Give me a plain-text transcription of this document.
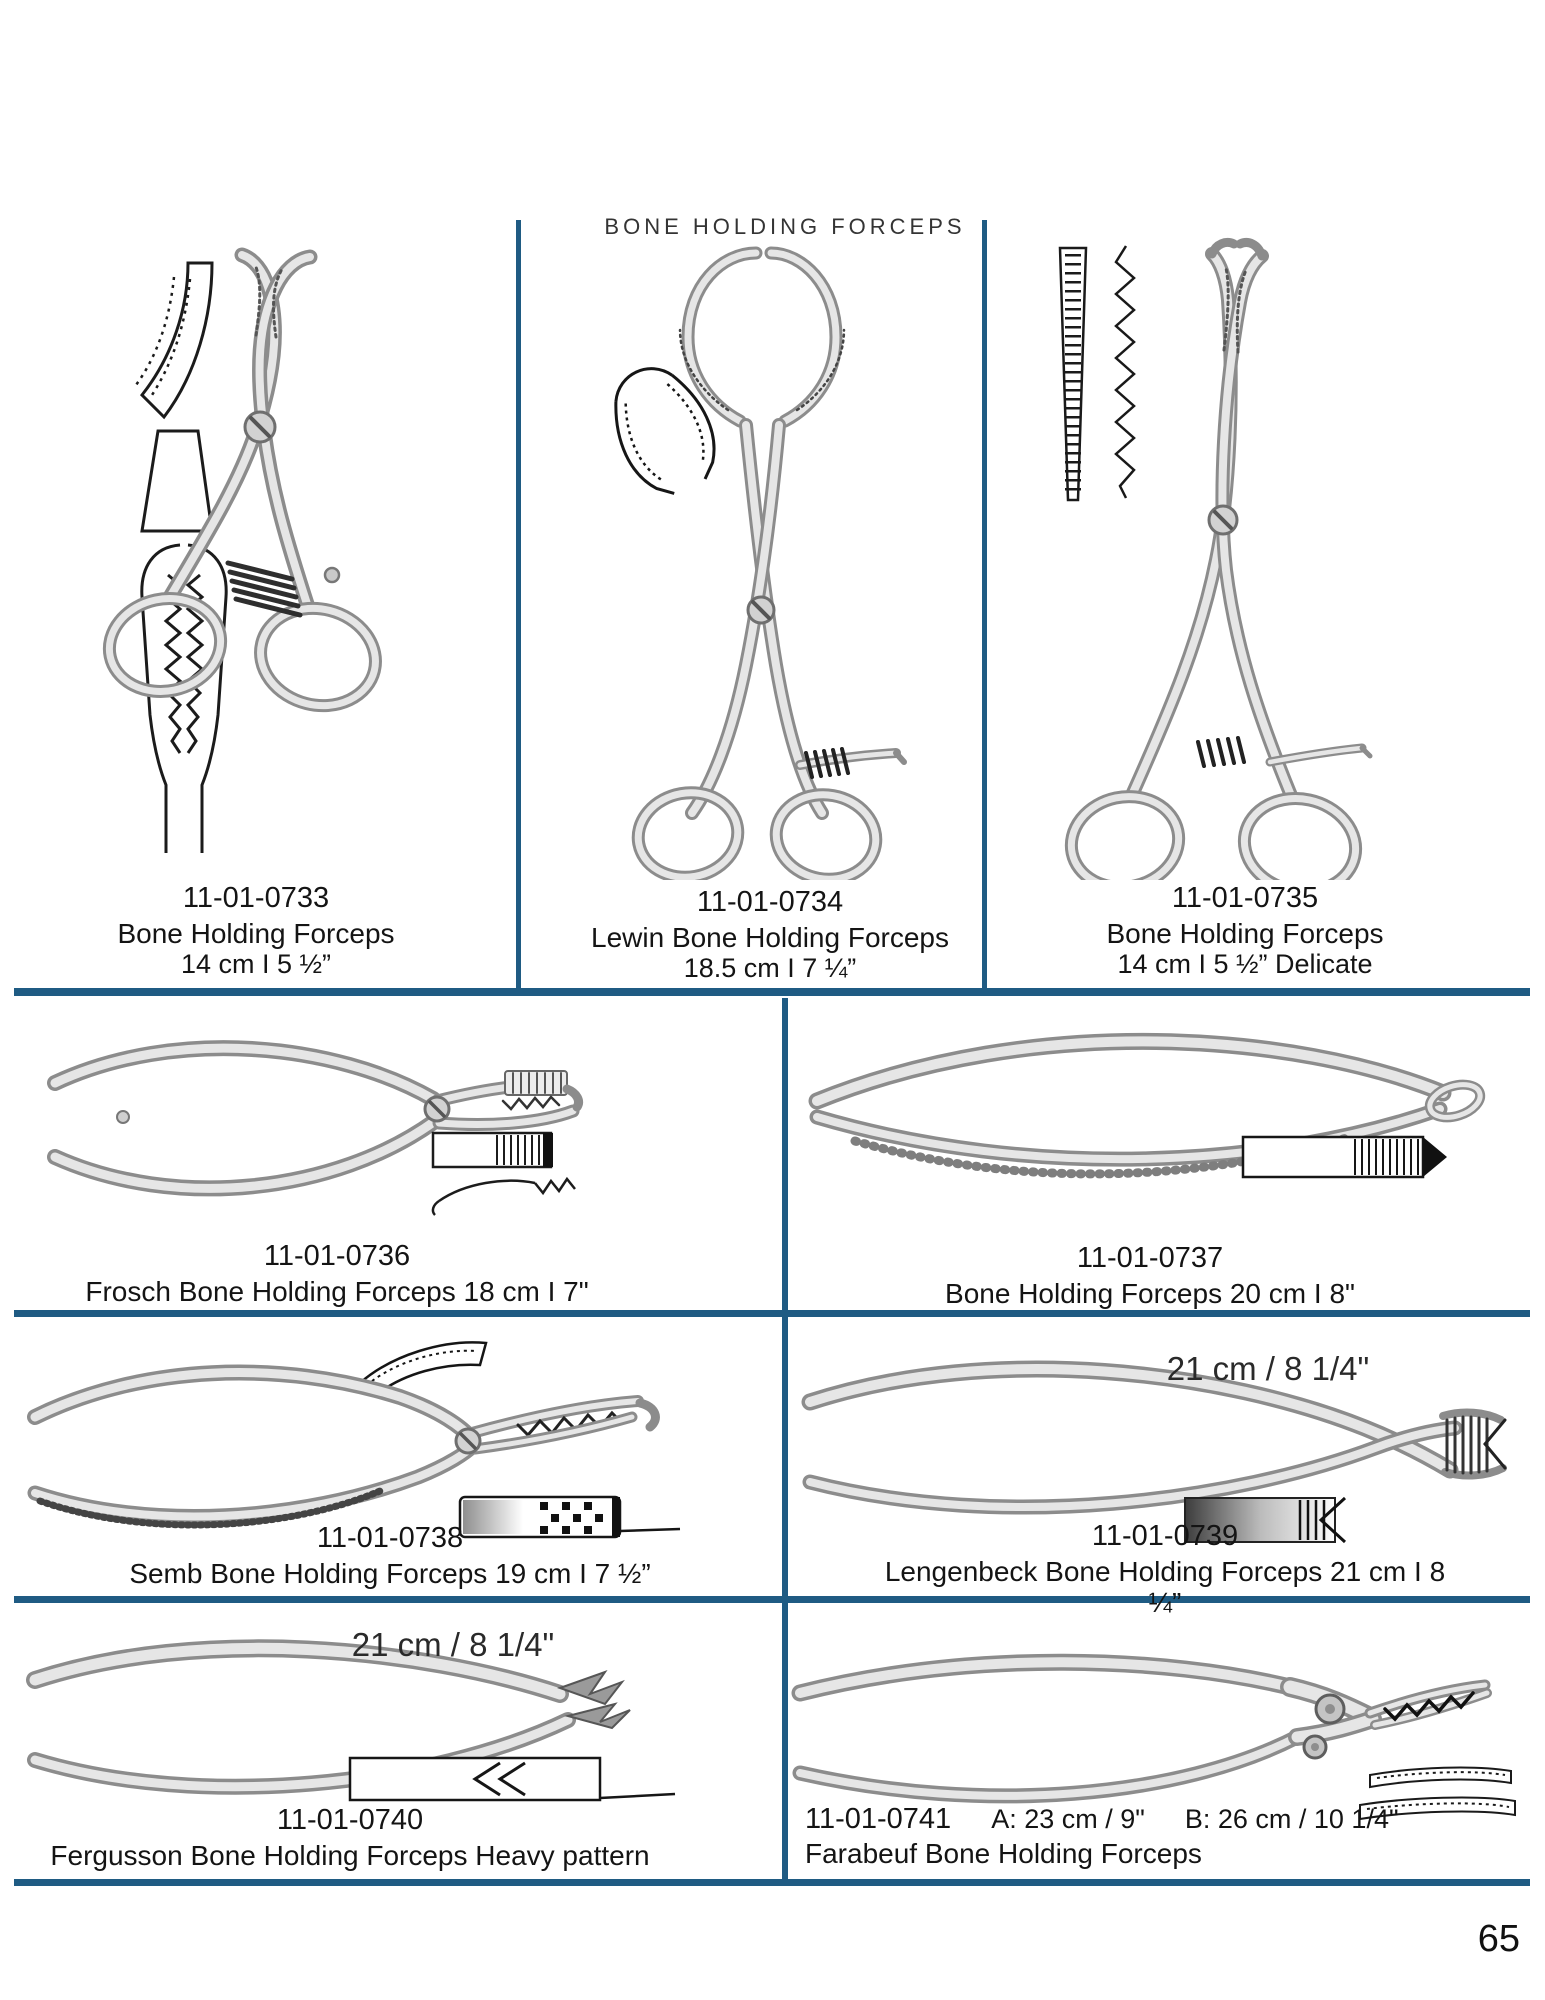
BONE HOLDING FORCEPS
11-01-0733
Bone Holding Forceps
14 cm I 5 ½”
11-01-0734
Lewin Bone Holding Forceps
18.5 cm I 7 ¼”
11-01-0735
Bone Holding Forceps
14 cm I 5 ½” Delicate
11-01-0736
Frosch Bone Holding Forceps 18 cm I 7"
11-01-0737
Bone Holding Forceps 20 cm I 8"
11-01-0738
Semb Bone Holding Forceps 19 cm I 7 ½”
21 cm / 8 1/4"
11-01-0739
Lengenbeck Bone Holding Forceps 21 cm I 8 ¼”
21 cm / 8 1/4"
11-01-0740
Fergusson Bone Holding Forceps Heavy pattern
11-01-0741 A: 23 cm / 9" B: 26 cm / 10 1/4"
Farabeuf Bone Holding Forceps
65
